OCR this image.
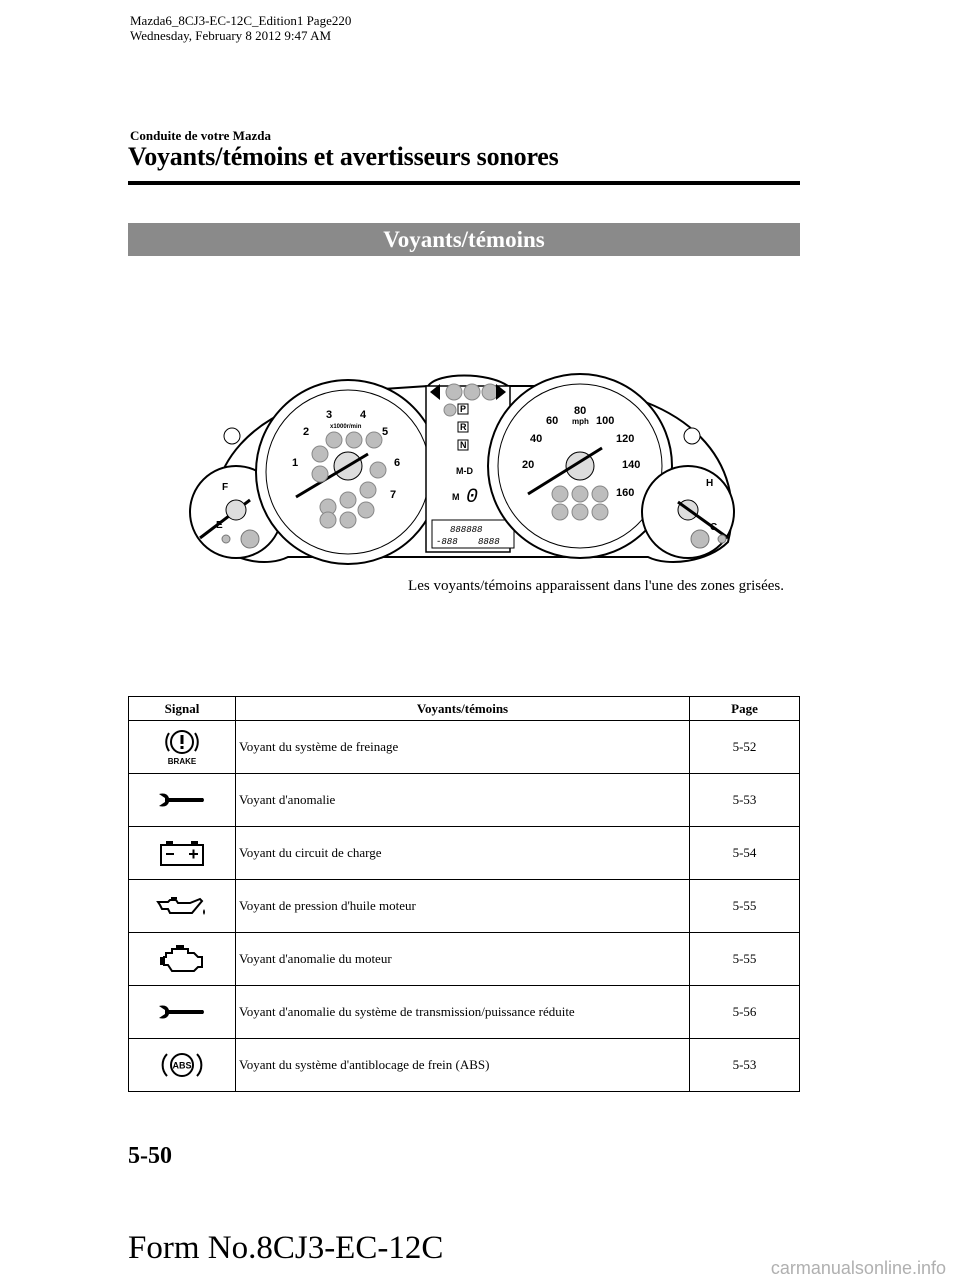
Mazda6_8CJ3-EC-12C_Edition1 Page220
Wednesday, February 8 2012 9:47 AM
Conduite de votre Mazda
Voyants/témoins et avertisseurs sonores
Voyants/témoins
F
E
1
2
3	4
5
6
7
x1000r/min
P
R
N
M-D
M 0
888888
-888 8888
20
40
60
80
100
120
140
160
mph
H
C
Les voyants/témoins apparaissent dans l'une des zones grisées.
Signal	Voyants/témoins	Page

BRAKE	Voyant du système de freinage	5-52

	Voyant d'anomalie	5-53

	Voyant du circuit de charge	5-54

	Voyant de pression d'huile moteur	5-55

	Voyant d'anomalie du moteur	5-55

	Voyant d'anomalie du système de transmission/puissance réduite	5-56

ABS	Voyant du système d'antiblocage de frein (ABS)	5-53
5-50
Form No.8CJ3-EC-12C
carmanualsonline.info
